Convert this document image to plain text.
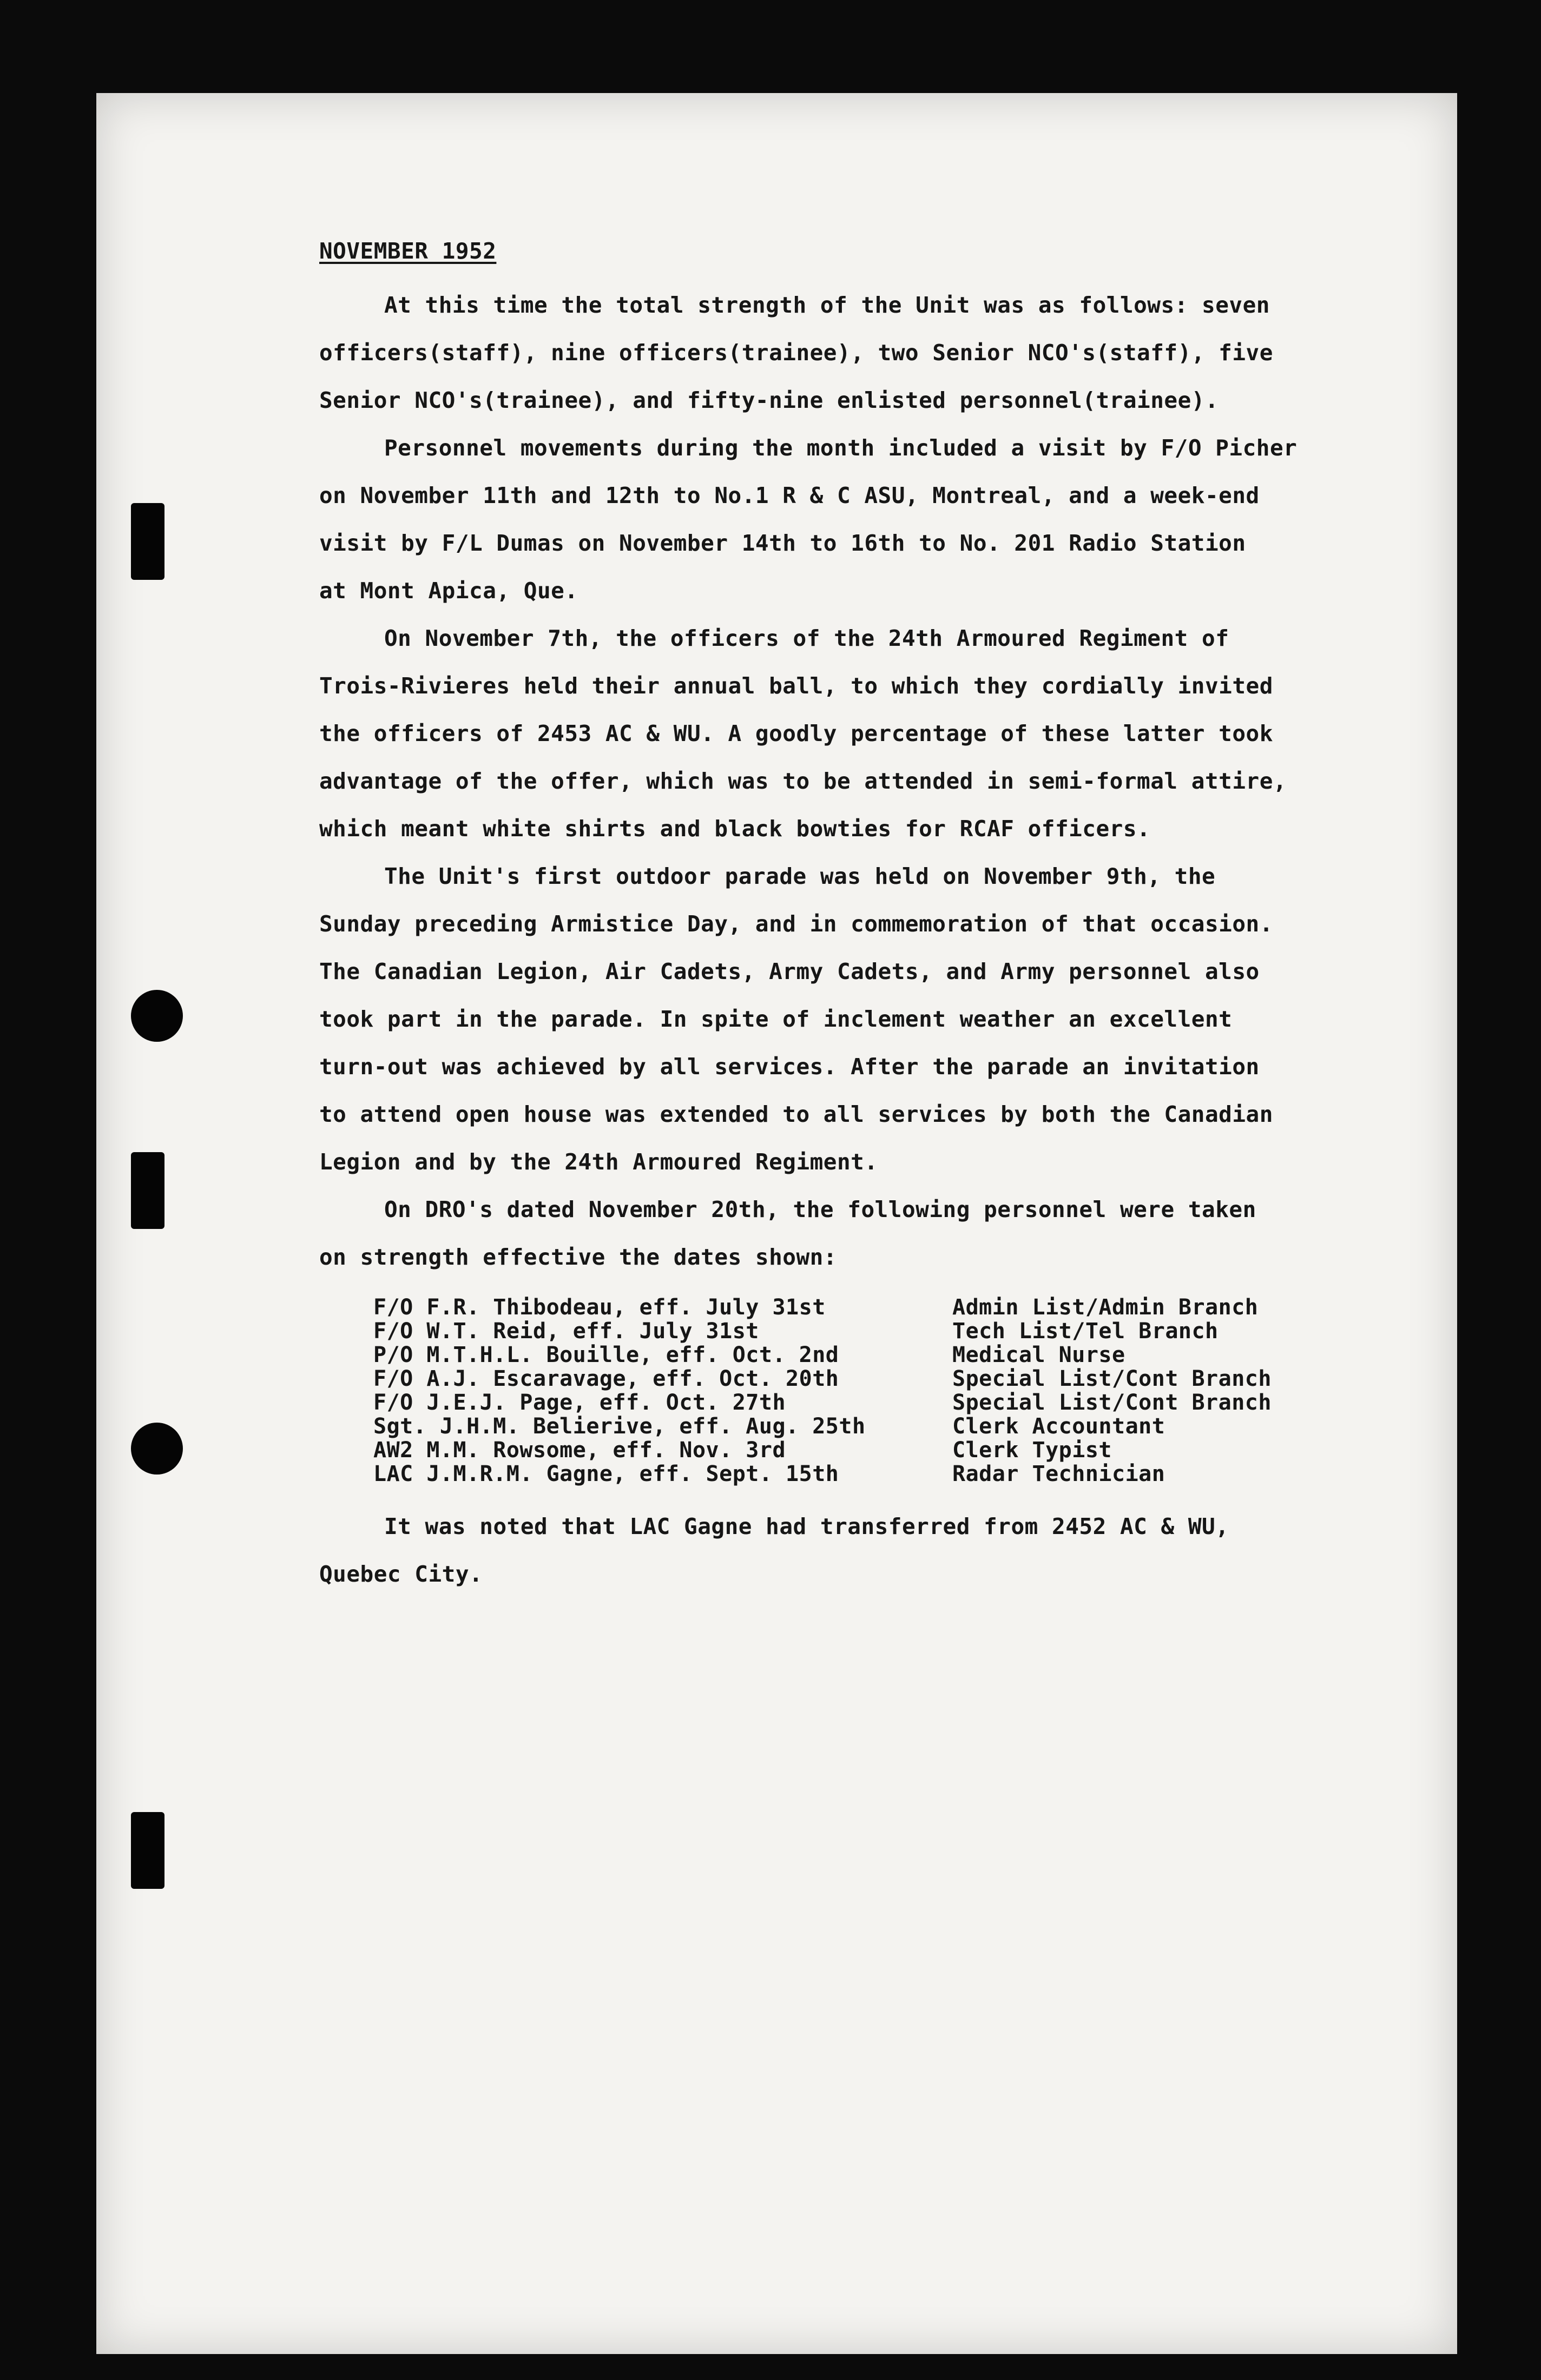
NOVEMBER 1952
At this time the total strength of the Unit was as follows: seven
officers(staff), nine officers(trainee), two Senior NCO's(staff), five
Senior NCO's(trainee), and fifty-nine enlisted personnel(trainee).
Personnel movements during the month included a visit by F/O Picher
on November 11th and 12th to No.1 R & C ASU, Montreal, and a week-end
visit by F/L Dumas on November 14th to 16th to No. 201 Radio Station
at Mont Apica, Que.
On November 7th, the officers of the 24th Armoured Regiment of
Trois-Rivieres held their annual ball, to which they cordially invited
the officers of 2453 AC & WU. A goodly percentage of these latter took
advantage of the offer, which was to be attended in semi-formal attire,
which meant white shirts and black bowties for RCAF officers.
The Unit's first outdoor parade was held on November 9th, the
Sunday preceding Armistice Day, and in commemoration of that occasion.
The Canadian Legion, Air Cadets, Army Cadets, and Army personnel also
took part in the parade. In spite of inclement weather an excellent
turn-out was achieved by all services. After the parade an invitation
to attend open house was extended to all services by both the Canadian
Legion and by the 24th Armoured Regiment.
On DRO's dated November 20th, the following personnel were taken
on strength effective the dates shown:
F/O F.R. Thibodeau, eff. July 31st	Admin List/Admin Branch
F/O W.T. Reid, eff. July 31st	Tech List/Tel Branch
P/O M.T.H.L. Bouille, eff. Oct. 2nd	Medical Nurse
F/O A.J. Escaravage, eff. Oct. 20th	Special List/Cont Branch
F/O J.E.J. Page, eff. Oct. 27th	Special List/Cont Branch
Sgt. J.H.M. Belierive, eff. Aug. 25th	Clerk Accountant
AW2 M.M. Rowsome, eff. Nov. 3rd	Clerk Typist
LAC J.M.R.M. Gagne, eff. Sept. 15th	Radar Technician
It was noted that LAC Gagne had transferred from 2452 AC & WU,
Quebec City.
